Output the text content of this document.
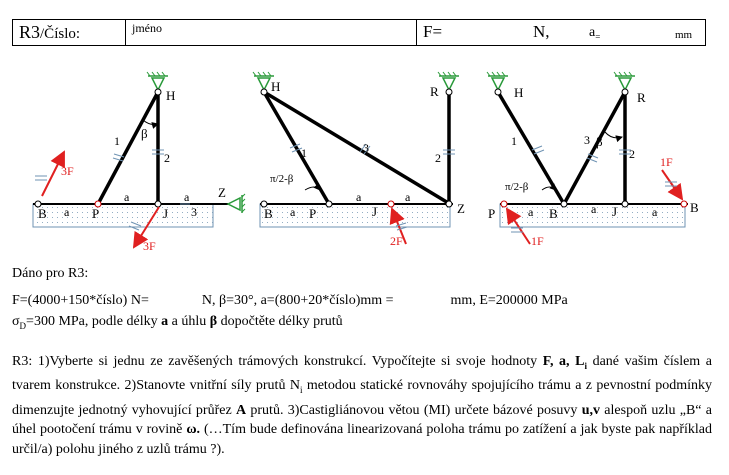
R3/Číslo:	jméno	F=	N,	$a_=$	mm
H
β
1
2
3
3F
3F
Z
B	P	J
a
a	a
H	R
1	3
2
π/2-β
Z
2F
B	P	J
a
a	a
H	R
1	3
2
β
π/2-β
1F
1F
P	B	J	B
a	a	a
Dáno pro R3:
F=(4000+150*číslo) N=	N, β=30°, a=(800+20*číslo)mm =	mm, E=200000 MPa
$\sigma_D=300$ MPa, podle délky a a úhlu β dopočtěte délky prutů
R3: 1)Vyberte si jednu ze zavěšených trámových konstrukcí. Vypočítejte si svoje hodnoty F, a, $L_i$ dané vašim číslem a tvarem konstrukce. 2)Stanovte vnitřní síly prutů $N_i$ metodou statické rovnováhy spojujícího trámu a z pevnostní podmínky dimenzujte jednotný vyhovující průřez A prutů. 3)Castigliánovou větou (MI) určete bázové posuvy u,v alespoň uzlu „B“ a úhel pootočení trámu v rovině ω. (…Tím bude definována linearizovaná poloha trámu po zatížení a jak byste pak například určil/a) polohu jiného z uzlů trámu ?).
